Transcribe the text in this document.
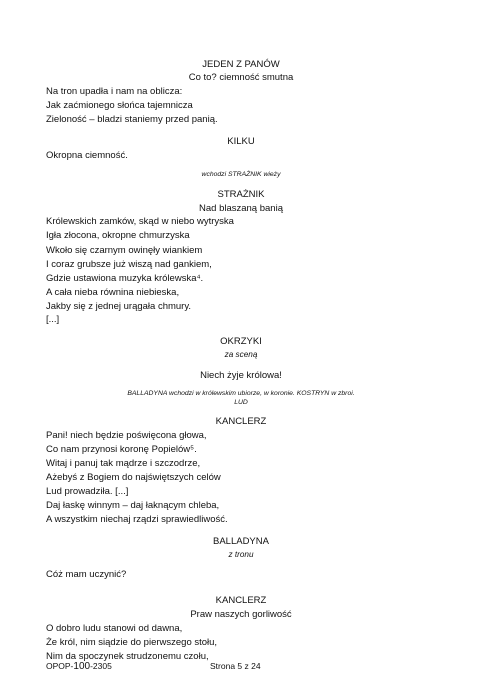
JEDEN Z PANÓW
Co to? ciemność smutna
Na tron upadła i nam na oblicza:
Jak zaćmionego słońca tajemnicza
Zieloność – bladzi staniemy przed panią.
KILKU
Okropna ciemność.
wchodzi STRAŻNIK wieży
STRAŻNIK
Nad blaszaną banią
Królewskich zamków, skąd w niebo wytryska
Igła złocona, okropne chmurzyska
Wkoło się czarnym owinęły wiankiem
I coraz grubsze już wiszą nad gankiem,
Gdzie ustawiona muzyka królewska⁴.
A cała nieba równina niebieska,
Jakby się z jednej urągała chmury.
[...]
OKRZYKI
za sceną
Niech żyje królowa!
BALLADYNA wchodzi w królewskim ubiorze, w koronie. KOSTRYN w zbroi.
LUD
KANCLERZ
Pani! niech będzie poświęcona głowa,
Co nam przynosi koronę Popielów⁵.
Witaj i panuj tak mądrze i szczodrze,
Ażebyś z Bogiem do najświętszych celów
Lud prowadziła. [...]
Daj łaskę winnym – daj łaknącym chleba,
A wszystkim niechaj rządzi sprawiedliwość.
BALLADYNA
z tronu
Cóż mam uczynić?
KANCLERZ
Praw naszych gorliwość
O dobro ludu stanowi od dawna,
Że król, nim siądzie do pierwszego stołu,
Nim da spoczynek strudzonemu czołu,
OPOP-100-2305	Strona 5 z 24
